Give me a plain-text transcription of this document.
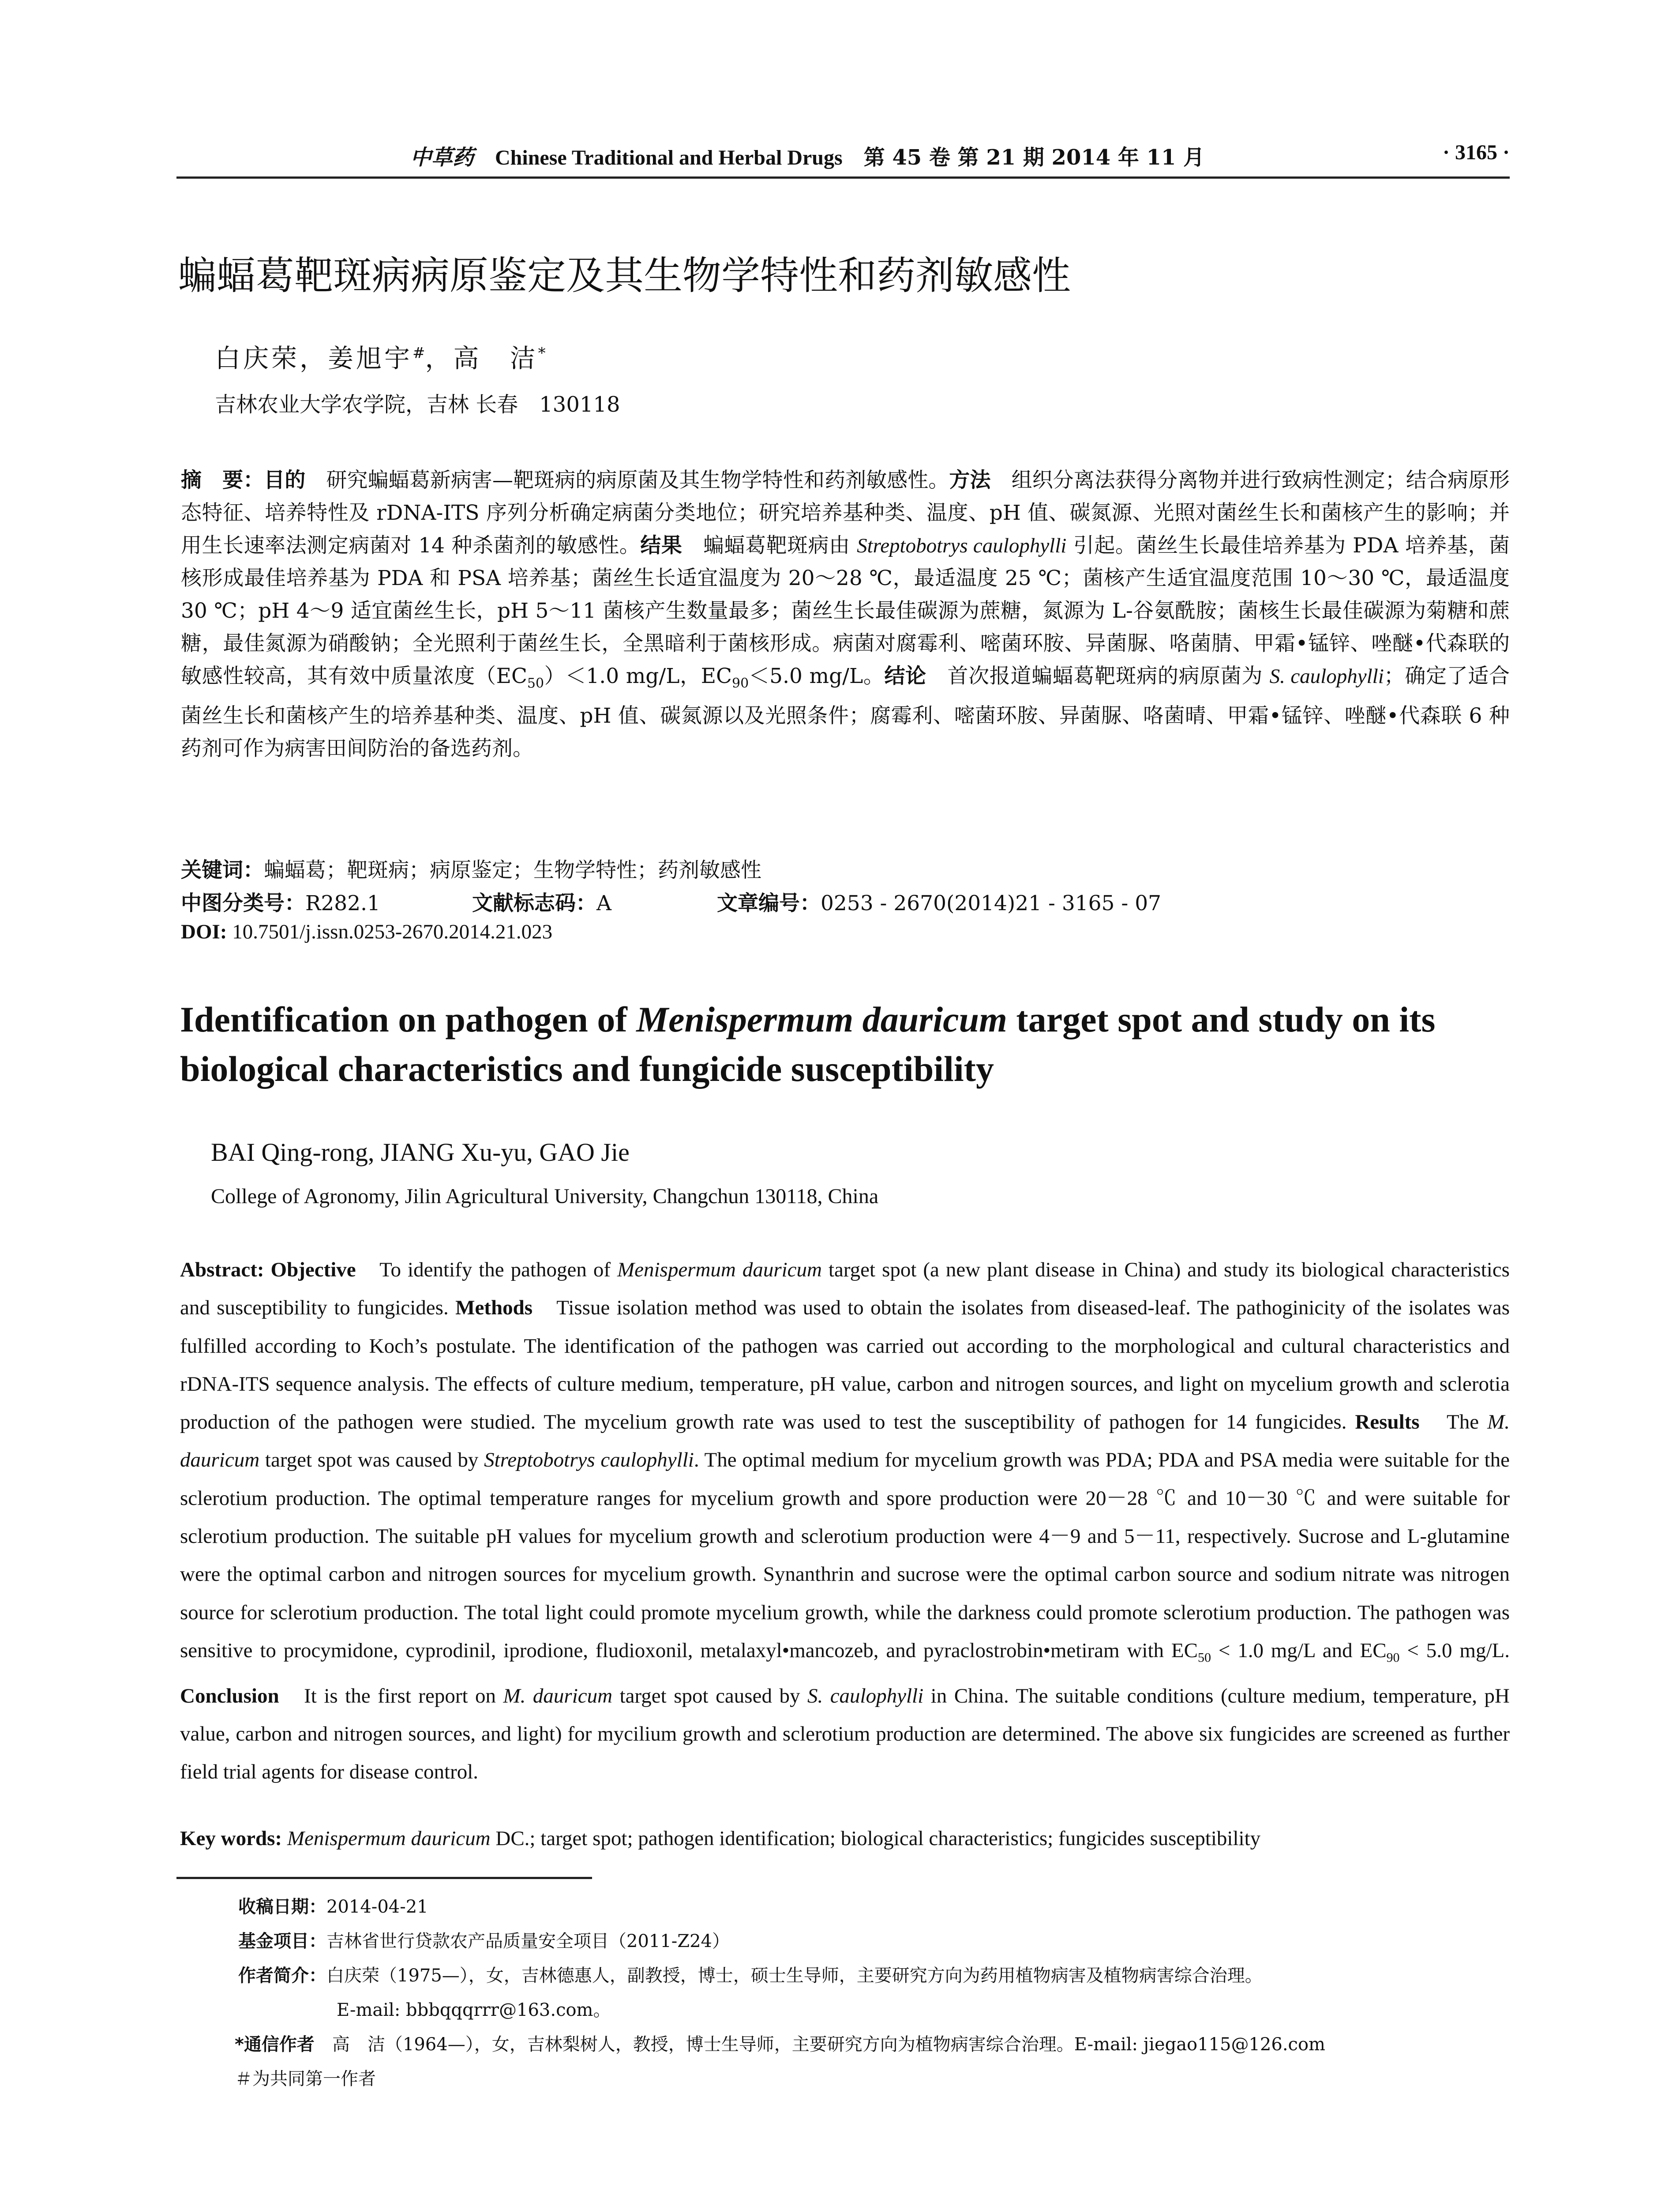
中草药 Chinese Traditional and Herbal Drugs 第 45 卷 第 21 期 2014 年 11 月	· 3165 ·
蝙蝠葛靶斑病病原鉴定及其生物学特性和药剂敏感性
白庆荣，姜旭宇#，高　洁*
吉林农业大学农学院，吉林 长春　130118
摘　要：目的　研究蝙蝠葛新病害—靶斑病的病原菌及其生物学特性和药剂敏感性。方法　组织分离法获得分离物并进行致病性测定；结合病原形态特征、培养特性及 rDNA-ITS 序列分析确定病菌分类地位；研究培养基种类、温度、pH 值、碳氮源、光照对菌丝生长和菌核产生的影响；并用生长速率法测定病菌对 14 种杀菌剂的敏感性。结果　蝙蝠葛靶斑病由 Streptobotrys caulophylli 引起。菌丝生长最佳培养基为 PDA 培养基，菌核形成最佳培养基为 PDA 和 PSA 培养基；菌丝生长适宜温度为 20～28 ℃，最适温度 25 ℃；菌核产生适宜温度范围 10～30 ℃，最适温度 30 ℃；pH 4～9 适宜菌丝生长，pH 5～11 菌核产生数量最多；菌丝生长最佳碳源为蔗糖，氮源为 L-谷氨酰胺；菌核生长最佳碳源为菊糖和蔗糖，最佳氮源为硝酸钠；全光照利于菌丝生长，全黑暗利于菌核形成。病菌对腐霉利、嘧菌环胺、异菌脲、咯菌腈、甲霜•锰锌、唑醚•代森联的敏感性较高，其有效中质量浓度$(EC_{50})<1.0$ mg/L，$EC_{90}<5.0$ mg/L。结论　首次报道蝙蝠葛靶斑病的病原菌为 S. caulophylli；确定了适合菌丝生长和菌核产生的培养基种类、温度、pH 值、碳氮源以及光照条件；腐霉利、嘧菌环胺、异菌脲、咯菌晴、甲霜•锰锌、唑醚•代森联 6 种药剂可作为病害田间防治的备选药剂。
关键词：蝙蝠葛；靶斑病；病原鉴定；生物学特性；药剂敏感性
中图分类号：R282.1	文献标志码：A	文章编号：0253 - 2670(2014)21 - 3165 - 07
DOI: 10.7501/j.issn.0253-2670.2014.21.023
Identification on pathogen of Menispermum dauricum target spot and study on its biological characteristics and fungicide susceptibility
BAI Qing-rong, JIANG Xu-yu, GAO Jie
College of Agronomy, Jilin Agricultural University, Changchun 130118, China
Abstract: Objective　To identify the pathogen of Menispermum dauricum target spot (a new plant disease in China) and study its biological characteristics and susceptibility to fungicides. Methods　Tissue isolation method was used to obtain the isolates from diseased-leaf. The pathoginicity of the isolates was fulfilled according to Koch’s postulate. The identification of the pathogen was carried out according to the morphological and cultural characteristics and rDNA-ITS sequence analysis. The effects of culture medium, temperature, pH value, carbon and nitrogen sources, and light on mycelium growth and sclerotia production of the pathogen were studied. The mycelium growth rate was used to test the susceptibility of pathogen for 14 fungicides. Results　The M. dauricum target spot was caused by Streptobotrys caulophylli. The optimal medium for mycelium growth was PDA; PDA and PSA media were suitable for the sclerotium production. The optimal temperature ranges for mycelium growth and spore production were 20－28 ℃ and 10－30 ℃ and were suitable for sclerotium production. The suitable pH values for mycelium growth and sclerotium production were 4－9 and 5－11, respectively. Sucrose and L-glutamine were the optimal carbon and nitrogen sources for mycelium growth. Synanthrin and sucrose were the optimal carbon source and sodium nitrate was nitrogen source for sclerotium production. The total light could promote mycelium growth, while the darkness could promote sclerotium production. The pathogen was sensitive to procymidone, cyprodinil, iprodione, fludioxonil, metalaxyl•mancozeb, and pyraclostrobin•metiram with $EC_{50} < 1.0$ mg/L and $EC_{90} < 5.0$ mg/L. Conclusion　It is the first report on M. dauricum target spot caused by S. caulophylli in China. The suitable conditions (culture medium, temperature, pH value, carbon and nitrogen sources, and light) for mycilium growth and sclerotium production are determined. The above six fungicides are screened as further field trial agents for disease control.
Key words: Menispermum dauricum DC.; target spot; pathogen identification; biological characteristics; fungicides susceptibility
收稿日期：2014-04-21
基金项目：吉林省世行贷款农产品质量安全项目（2011-Z24）
作者简介：白庆荣（1975—），女，吉林德惠人，副教授，博士，硕士生导师，主要研究方向为药用植物病害及植物病害综合治理。
E-mail: bbbqqqrrr@163.com。
*通信作者　高　洁（1964—），女，吉林梨树人，教授，博士生导师，主要研究方向为植物病害综合治理。E-mail: jiegao115@126.com
＃为共同第一作者
